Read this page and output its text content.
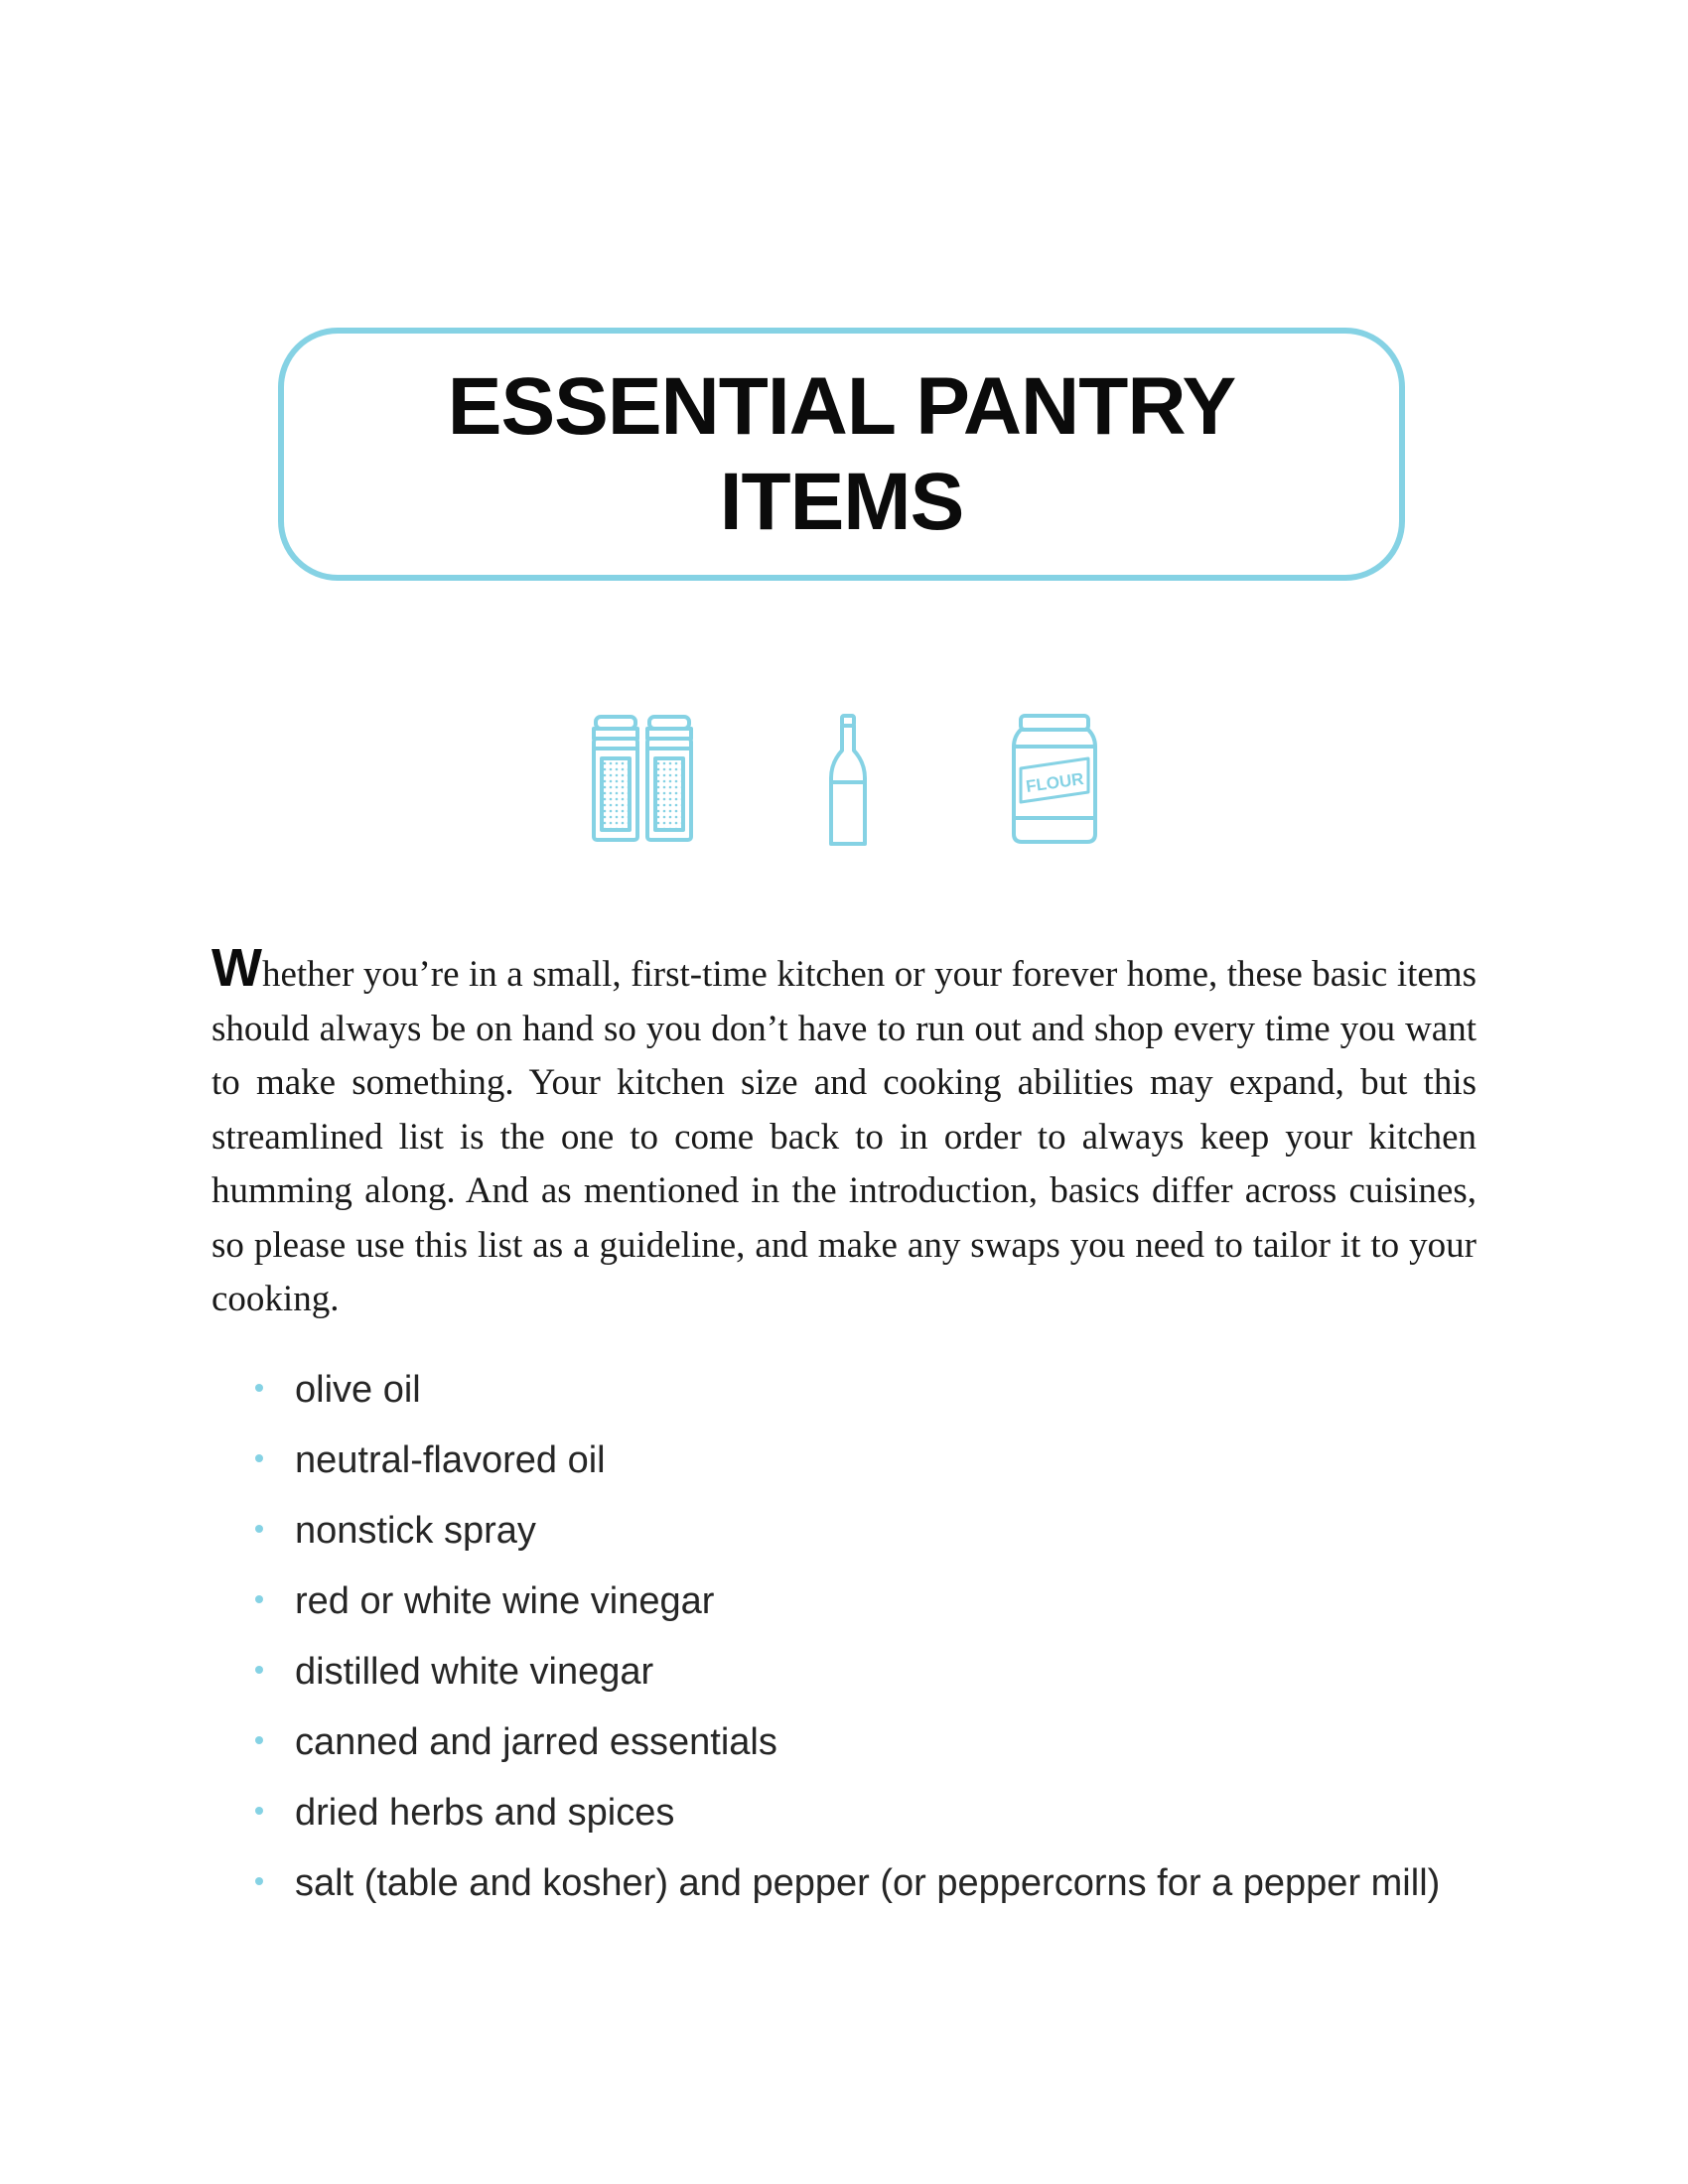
ESSENTIAL PANTRY
ITEMS
FLOUR

Whether you’re in a small, first-time kitchen or your forever home, these basic items should always be on hand so you don’t have to run out and shop every time you want to make something. Your kitchen size and cooking abilities may expand, but this streamlined list is the one to come back to in order to always keep your kitchen humming along. And as mentioned in the introduction, basics differ across cuisines, so please use this list as a guideline, and make any swaps you need to tailor it to your cooking.

olive oil
neutral-flavored oil
nonstick spray
red or white wine vinegar
distilled white vinegar
canned and jarred essentials
dried herbs and spices
salt (table and kosher) and pepper (or peppercorns for a pepper mill)
